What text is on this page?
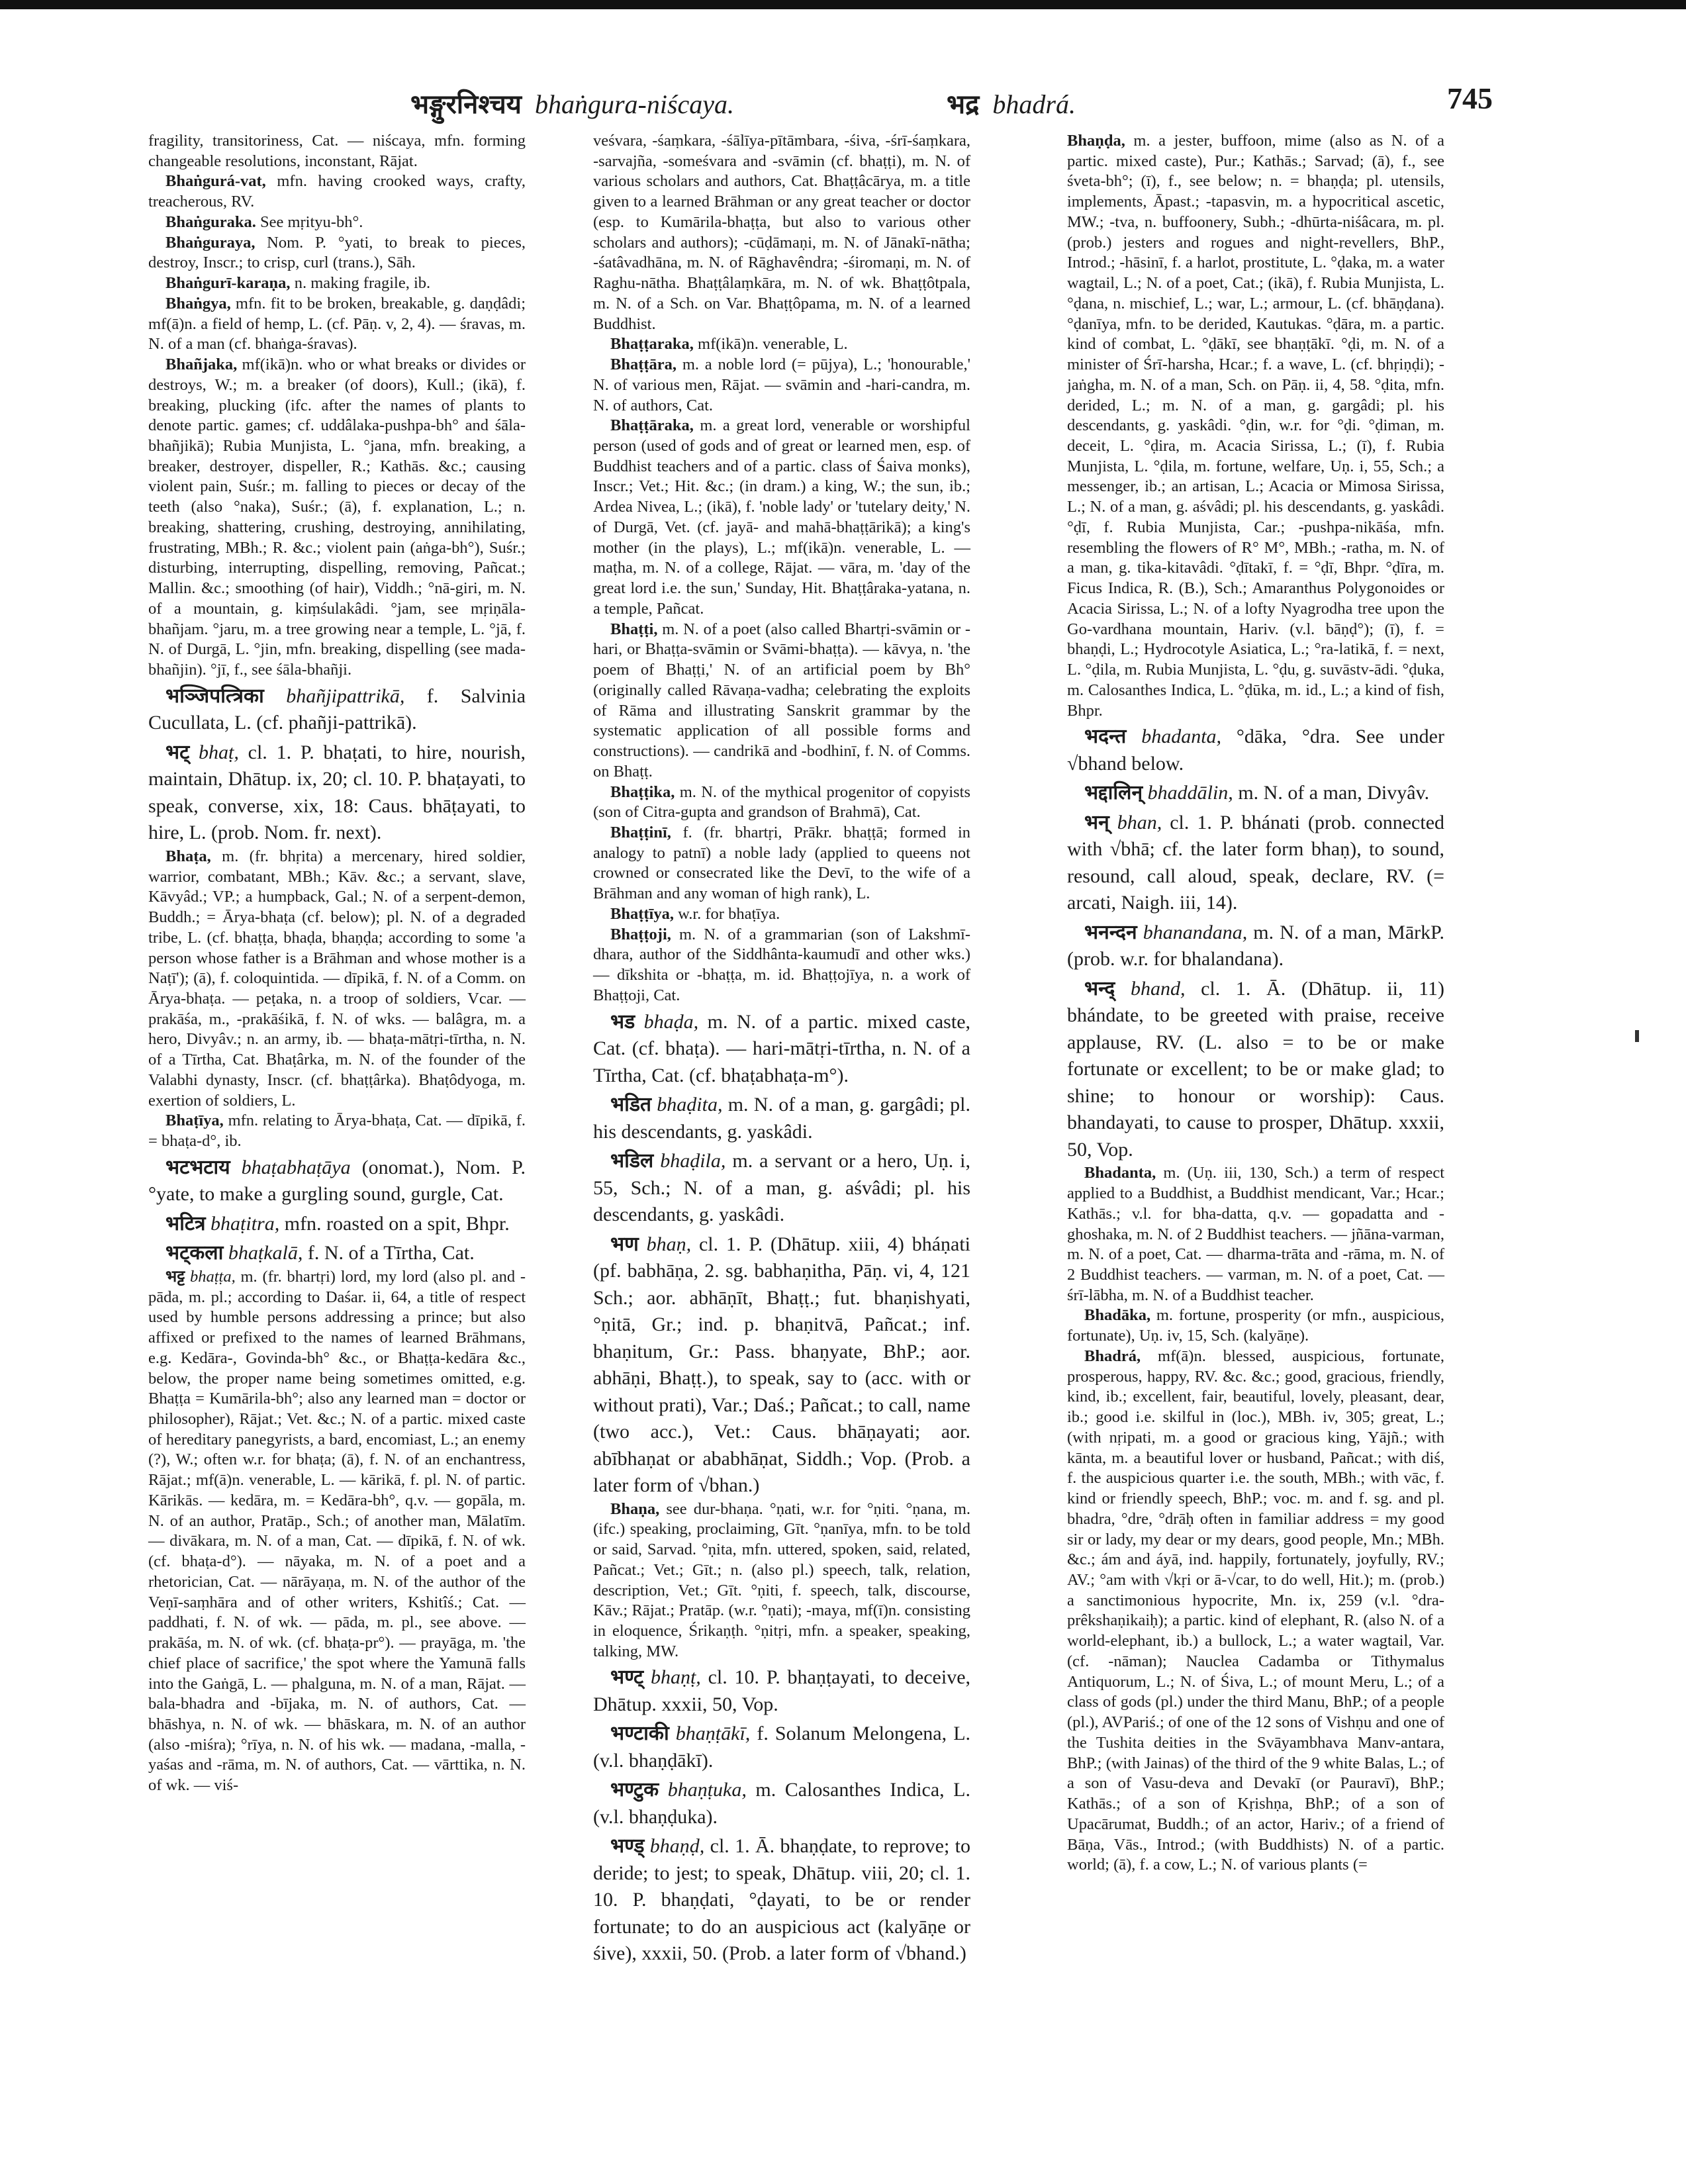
भङ्गुरनिश्चय bhaṅgura-niścaya.	भद्र bhadrá.	745

fragility, transitoriness, Cat. — niścaya, mfn. forming changeable resolutions, inconstant, Rājat.

Bhaṅgurá-vat, mfn. having crooked ways, crafty, treacherous, RV.

Bhaṅguraka. See mṛityu-bh°.

Bhaṅguraya, Nom. P. °yati, to break to pieces, destroy, Inscr.; to crisp, curl (trans.), Sāh.

Bhaṅgurī-karaṇa, n. making fragile, ib.

Bhaṅgya, mfn. fit to be broken, breakable, g. daṇḍâdi; mf(ā)n. a field of hemp, L. (cf. Pāṇ. v, 2, 4). — śravas, m. N. of a man (cf. bhaṅga-śravas).

Bhañjaka, mf(ikā)n. who or what breaks or divides or destroys, W.; m. a breaker (of doors), Kull.; (ikā), f. breaking, plucking (ifc. after the names of plants to denote partic. games; cf. uddâlaka-pushpa-bh° and śāla-bhañjikā); Rubia Munjista, L. °jana, mfn. breaking, a breaker, destroyer, dispeller, R.; Kathās. &c.; causing violent pain, Suśr.; m. falling to pieces or decay of the teeth (also °naka), Suśr.; (ā), f. explanation, L.; n. breaking, shattering, crushing, destroying, annihilating, frustrating, MBh.; R. &c.; violent pain (aṅga-bh°), Suśr.; disturbing, interrupting, dispelling, removing, Pañcat.; Mallin. &c.; smoothing (of hair), Viddh.; °nā-giri, m. N. of a mountain, g. kiṃśulakâdi. °jam, see mṛiṇāla-bhañjam. °jaru, m. a tree growing near a temple, L. °jā, f. N. of Durgā, L. °jin, mfn. breaking, dispelling (see mada-bhañjin). °jī, f., see śāla-bhañji.

भञ्जिपत्त्रिका bhañjipattrikā, f. Salvinia Cucullata, L. (cf. phañji-pattrikā).

भट् bhaṭ, cl. 1. P. bhaṭati, to hire, nourish, maintain, Dhātup. ix, 20; cl. 10. P. bhaṭayati, to speak, converse, xix, 18: Caus. bhāṭayati, to hire, L. (prob. Nom. fr. next).

Bhaṭa, m. (fr. bhṛita) a mercenary, hired soldier, warrior, combatant, MBh.; Kāv. &c.; a servant, slave, Kāvyâd.; VP.; a humpback, Gal.; N. of a serpent-demon, Buddh.; = Ārya-bhaṭa (cf. below); pl. N. of a degraded tribe, L. (cf. bhaṭṭa, bhaḍa, bhaṇḍa; according to some 'a person whose father is a Brāhman and whose mother is a Naṭī'); (ā), f. coloquintida. — dīpikā, f. N. of a Comm. on Ārya-bhaṭa. — peṭaka, n. a troop of soldiers, Vcar. — prakāśa, m., -prakāśikā, f. N. of wks. — balâgra, m. a hero, Divyâv.; n. an army, ib. — bhaṭa-mātṛi-tīrtha, n. N. of a Tīrtha, Cat. Bhaṭârka, m. N. of the founder of the Valabhi dynasty, Inscr. (cf. bhaṭṭârka). Bhaṭôdyoga, m. exertion of soldiers, L.

Bhaṭīya, mfn. relating to Ārya-bhaṭa, Cat. — dīpikā, f. = bhaṭa-d°, ib.

भटभटाय bhaṭabhaṭāya (onomat.), Nom. P. °yate, to make a gurgling sound, gurgle, Cat.

भटित्र bhaṭitra, mfn. roasted on a spit, Bhpr.

भट्कला bhaṭkalā, f. N. of a Tīrtha, Cat.

भट्ट bhaṭṭa, m. (fr. bhartṛi) lord, my lord (also pl. and -pāda, m. pl.; according to Daśar. ii, 64, a title of respect used by humble persons addressing a prince; but also affixed or prefixed to the names of learned Brāhmans, e.g. Kedāra-, Govinda-bh° &c., or Bhaṭṭa-kedāra &c., below, the proper name being sometimes omitted, e.g. Bhaṭṭa = Kumārila-bh°; also any learned man = doctor or philosopher), Rājat.; Vet. &c.; N. of a partic. mixed caste of hereditary panegyrists, a bard, encomiast, L.; an enemy (?), W.; often w.r. for bhaṭa; (ā), f. N. of an enchantress, Rājat.; mf(ā)n. venerable, L. — kārikā, f. pl. N. of partic. Kārikās. — kedāra, m. = Kedāra-bh°, q.v. — gopāla, m. N. of an author, Pratāp., Sch.; of another man, Mālatīm. — divākara, m. N. of a man, Cat. — dīpikā, f. N. of wk. (cf. bhaṭa-d°). — nāyaka, m. N. of a poet and a rhetorician, Cat. — nārāyaṇa, m. N. of the author of the Veṇī-saṃhāra and of other writers, Kshitîś.; Cat. — paddhati, f. N. of wk. — pāda, m. pl., see above. — prakāśa, m. N. of wk. (cf. bhaṭa-pr°). — prayāga, m. 'the chief place of sacrifice,' the spot where the Yamunā falls into the Gaṅgā, L. — phalguna, m. N. of a man, Rājat. — bala-bhadra and -bījaka, m. N. of authors, Cat. — bhāshya, n. N. of wk. — bhāskara, m. N. of an author (also -miśra); °rīya, n. N. of his wk. — madana, -malla, -yaśas and -rāma, m. N. of authors, Cat. — vārttika, n. N. of wk. — viś-

veśvara, -śaṃkara, -śālīya-pītāmbara, -śiva, -śrī-śaṃkara, -sarvajña, -someśvara and -svāmin (cf. bhaṭṭi), m. N. of various scholars and authors, Cat. Bhaṭṭâcārya, m. a title given to a learned Brāhman or any great teacher or doctor (esp. to Kumārila-bhaṭṭa, but also to various other scholars and authors); -cūḍāmaṇi, m. N. of Jānakī-nātha; -śatâvadhāna, m. N. of Rāghavêndra; -śiromaṇi, m. N. of Raghu-nātha. Bhaṭṭâlaṃkāra, m. N. of wk. Bhaṭṭôtpala, m. N. of a Sch. on Var. Bhaṭṭôpama, m. N. of a learned Buddhist.

Bhaṭṭaraka, mf(ikā)n. venerable, L.

Bhaṭṭāra, m. a noble lord (= pūjya), L.; 'honourable,' N. of various men, Rājat. — svāmin and -hari-candra, m. N. of authors, Cat.

Bhaṭṭāraka, m. a great lord, venerable or worshipful person (used of gods and of great or learned men, esp. of Buddhist teachers and of a partic. class of Śaiva monks), Inscr.; Vet.; Hit. &c.; (in dram.) a king, W.; the sun, ib.; Ardea Nivea, L.; (ikā), f. 'noble lady' or 'tutelary deity,' N. of Durgā, Vet. (cf. jayā- and mahā-bhaṭṭārikā); a king's mother (in the plays), L.; mf(ikā)n. venerable, L. — maṭha, m. N. of a college, Rājat. — vāra, m. 'day of the great lord i.e. the sun,' Sunday, Hit. Bhaṭṭâraka-yatana, n. a temple, Pañcat.

Bhaṭṭi, m. N. of a poet (also called Bhartṛi-svāmin or -hari, or Bhaṭṭa-svāmin or Svāmi-bhaṭṭa). — kāvya, n. 'the poem of Bhaṭṭi,' N. of an artificial poem by Bh° (originally called Rāvaṇa-vadha; celebrating the exploits of Rāma and illustrating Sanskrit grammar by the systematic application of all possible forms and constructions). — candrikā and -bodhinī, f. N. of Comms. on Bhaṭṭ.

Bhaṭṭika, m. N. of the mythical progenitor of copyists (son of Citra-gupta and grandson of Brahmā), Cat.

Bhaṭṭinī, f. (fr. bhartṛi, Prākr. bhaṭṭā; formed in analogy to patnī) a noble lady (applied to queens not crowned or consecrated like the Devī, to the wife of a Brāhman and any woman of high rank), L.

Bhaṭṭīya, w.r. for bhaṭīya.

Bhaṭṭoji, m. N. of a grammarian (son of Lakshmī-dhara, author of the Siddhânta-kaumudī and other wks.) — dīkshita or -bhaṭṭa, m. id. Bhaṭṭojīya, n. a work of Bhaṭṭoji, Cat.

भड bhaḍa, m. N. of a partic. mixed caste, Cat. (cf. bhaṭa). — hari-mātṛi-tīrtha, n. N. of a Tīrtha, Cat. (cf. bhaṭabhaṭa-m°).

भडित bhaḍita, m. N. of a man, g. gargâdi; pl. his descendants, g. yaskâdi.

भडिल bhaḍila, m. a servant or a hero, Uṇ. i, 55, Sch.; N. of a man, g. aśvâdi; pl. his descendants, g. yaskâdi.

भण bhaṇ, cl. 1. P. (Dhātup. xiii, 4) bháṇati (pf. babhāṇa, 2. sg. babhaṇitha, Pāṇ. vi, 4, 121 Sch.; aor. abhāṇīt, Bhaṭṭ.; fut. bhaṇishyati, °ṇitā, Gr.; ind. p. bhaṇitvā, Pañcat.; inf. bhaṇitum, Gr.: Pass. bhaṇyate, BhP.; aor. abhāṇi, Bhaṭṭ.), to speak, say to (acc. with or without prati), Var.; Daś.; Pañcat.; to call, name (two acc.), Vet.: Caus. bhāṇayati; aor. abībhaṇat or ababhāṇat, Siddh.; Vop. (Prob. a later form of √bhan.)

Bhaṇa, see dur-bhaṇa. °ṇati, w.r. for °ṇiti. °ṇana, m. (ifc.) speaking, proclaiming, Gīt. °ṇanīya, mfn. to be told or said, Sarvad. °ṇita, mfn. uttered, spoken, said, related, Pañcat.; Vet.; Gīt.; n. (also pl.) speech, talk, relation, description, Vet.; Gīt. °ṇiti, f. speech, talk, discourse, Kāv.; Rājat.; Pratāp. (w.r. °ṇati); -maya, mf(ī)n. consisting in eloquence, Śrikaṇṭh. °ṇitṛi, mfn. a speaker, speaking, talking, MW.

भण्ट् bhaṇṭ, cl. 10. P. bhaṇṭayati, to deceive, Dhātup. xxxii, 50, Vop.

भण्टाकी bhaṇṭākī, f. Solanum Melongena, L. (v.l. bhaṇḍākī).

भण्टुक bhaṇṭuka, m. Calosanthes Indica, L. (v.l. bhaṇḍuka).

भण्ड् bhaṇḍ, cl. 1. Ā. bhaṇḍate, to reprove; to deride; to jest; to speak, Dhātup. viii, 20; cl. 1. 10. P. bhaṇḍati, °ḍayati, to be or render fortunate; to do an auspicious act (kalyāṇe or śive), xxxii, 50. (Prob. a later form of √bhand.)

Bhaṇḍa, m. a jester, buffoon, mime (also as N. of a partic. mixed caste), Pur.; Kathās.; Sarvad; (ā), f., see śveta-bh°; (ī), f., see below; n. = bhaṇḍa; pl. utensils, implements, Āpast.; -tapasvin, m. a hypocritical ascetic, MW.; -tva, n. buffoonery, Subh.; -dhūrta-niśâcara, m. pl. (prob.) jesters and rogues and night-revellers, BhP., Introd.; -hāsinī, f. a harlot, prostitute, L. °ḍaka, m. a water wagtail, L.; N. of a poet, Cat.; (ikā), f. Rubia Munjista, L. °ḍana, n. mischief, L.; war, L.; armour, L. (cf. bhāṇḍana). °ḍanīya, mfn. to be derided, Kautukas. °ḍāra, m. a partic. kind of combat, L. °ḍākī, see bhaṇṭākī. °ḍi, m. N. of a minister of Śrī-harsha, Hcar.; f. a wave, L. (cf. bhṛiṇḍi); -jaṅgha, m. N. of a man, Sch. on Pāṇ. ii, 4, 58. °ḍita, mfn. derided, L.; m. N. of a man, g. gargâdi; pl. his descendants, g. yaskâdi. °ḍin, w.r. for °ḍi. °ḍiman, m. deceit, L. °ḍira, m. Acacia Sirissa, L.; (ī), f. Rubia Munjista, L. °ḍila, m. fortune, welfare, Uṇ. i, 55, Sch.; a messenger, ib.; an artisan, L.; Acacia or Mimosa Sirissa, L.; N. of a man, g. aśvâdi; pl. his descendants, g. yaskâdi. °ḍī, f. Rubia Munjista, Car.; -pushpa-nikāśa, mfn. resembling the flowers of R° M°, MBh.; -ratha, m. N. of a man, g. tika-kitavâdi. °ḍītakī, f. = °ḍī, Bhpr. °ḍīra, m. Ficus Indica, R. (B.), Sch.; Amaranthus Polygonoides or Acacia Sirissa, L.; N. of a lofty Nyagrodha tree upon the Go-vardhana mountain, Hariv. (v.l. bāṇḍ°); (ī), f. = bhaṇḍi, L.; Hydrocotyle Asiatica, L.; °ra-latikā, f. = next, L. °ḍila, m. Rubia Munjista, L. °ḍu, g. suvāstv-ādi. °ḍuka, m. Calosanthes Indica, L. °ḍūka, m. id., L.; a kind of fish, Bhpr.

भदन्त bhadanta, °dāka, °dra. See under √bhand below.

भद्दालिन् bhaddālin, m. N. of a man, Divyâv.

भन् bhan, cl. 1. P. bhánati (prob. connected with √bhā; cf. the later form bhaṇ), to sound, resound, call aloud, speak, declare, RV. (= arcati, Naigh. iii, 14).

भनन्दन bhanandana, m. N. of a man, MārkP. (prob. w.r. for bhalandana).

भन्द् bhand, cl. 1. Ā. (Dhātup. ii, 11) bhándate, to be greeted with praise, receive applause, RV. (L. also = to be or make fortunate or excellent; to be or make glad; to shine; to honour or worship): Caus. bhandayati, to cause to prosper, Dhātup. xxxii, 50, Vop.

Bhadanta, m. (Uṇ. iii, 130, Sch.) a term of respect applied to a Buddhist, a Buddhist mendicant, Var.; Hcar.; Kathās.; v.l. for bha-datta, q.v. — gopadatta and -ghoshaka, m. N. of 2 Buddhist teachers. — jñāna-varman, m. N. of a poet, Cat. — dharma-trāta and -rāma, m. N. of 2 Buddhist teachers. — varman, m. N. of a poet, Cat. — śrī-lābha, m. N. of a Buddhist teacher.

Bhadāka, m. fortune, prosperity (or mfn., auspicious, fortunate), Uṇ. iv, 15, Sch. (kalyāṇe).

Bhadrá, mf(ā)n. blessed, auspicious, fortunate, prosperous, happy, RV. &c. &c.; good, gracious, friendly, kind, ib.; excellent, fair, beautiful, lovely, pleasant, dear, ib.; good i.e. skilful in (loc.), MBh. iv, 305; great, L.; (with nṛipati, m. a good or gracious king, Yājñ.; with kānta, m. a beautiful lover or husband, Pañcat.; with diś, f. the auspicious quarter i.e. the south, MBh.; with vāc, f. kind or friendly speech, BhP.; voc. m. and f. sg. and pl. bhadra, °dre, °drāḥ often in familiar address = my good sir or lady, my dear or my dears, good people, Mn.; MBh. &c.; ám and áyā, ind. happily, fortunately, joyfully, RV.; AV.; °am with √kṛi or ā-√car, to do well, Hit.); m. (prob.) a sanctimonious hypocrite, Mn. ix, 259 (v.l. °dra-prêkshaṇikaiḥ); a partic. kind of elephant, R. (also N. of a world-elephant, ib.) a bullock, L.; a water wagtail, Var. (cf. -nāman); Nauclea Cadamba or Tithymalus Antiquorum, L.; N. of Śiva, L.; of mount Meru, L.; of a class of gods (pl.) under the third Manu, BhP.; of a people (pl.), AVPariś.; of one of the 12 sons of Vishṇu and one of the Tushita deities in the Svāyambhava Manv-antara, BhP.; (with Jainas) of the third of the 9 white Balas, L.; of a son of Vasu-deva and Devakī (or Pauravī), BhP.; Kathās.; of a son of Kṛishṇa, BhP.; of a son of Upacārumat, Buddh.; of an actor, Hariv.; of a friend of Bāṇa, Vās., Introd.; (with Buddhists) N. of a partic. world; (ā), f. a cow, L.; N. of various plants (=
